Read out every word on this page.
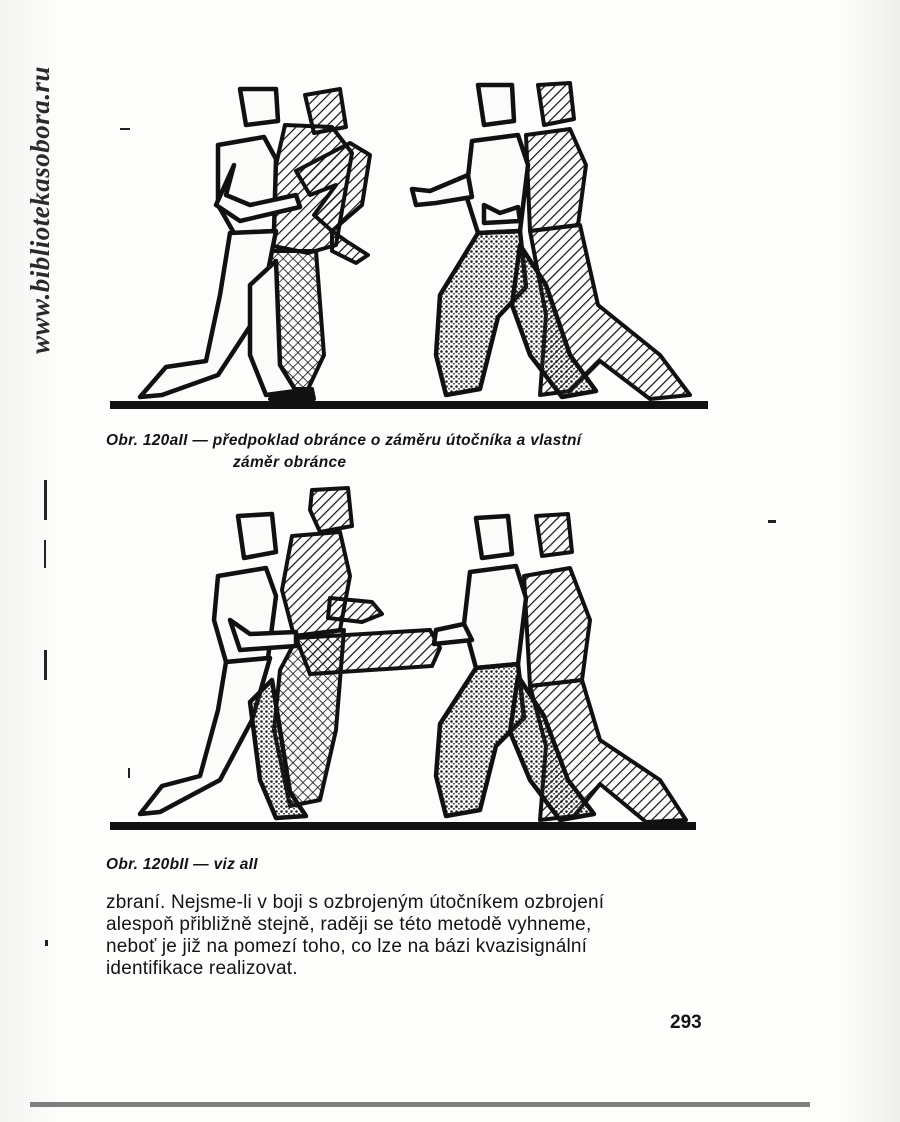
www.bibliotekasobora.ru
Obr. 120aII — předpoklad obránce o záměru útočníka a vlastní
záměr obránce
Obr. 120bII — viz aII
zbraní. Nejsme-li v boji s ozbrojeným útočníkem ozbrojení
alespoň přibližně stejně, raději se této metodě vyhneme,
neboť je již na pomezí toho, co lze na bázi kvazisignální
identifikace realizovat.
293
